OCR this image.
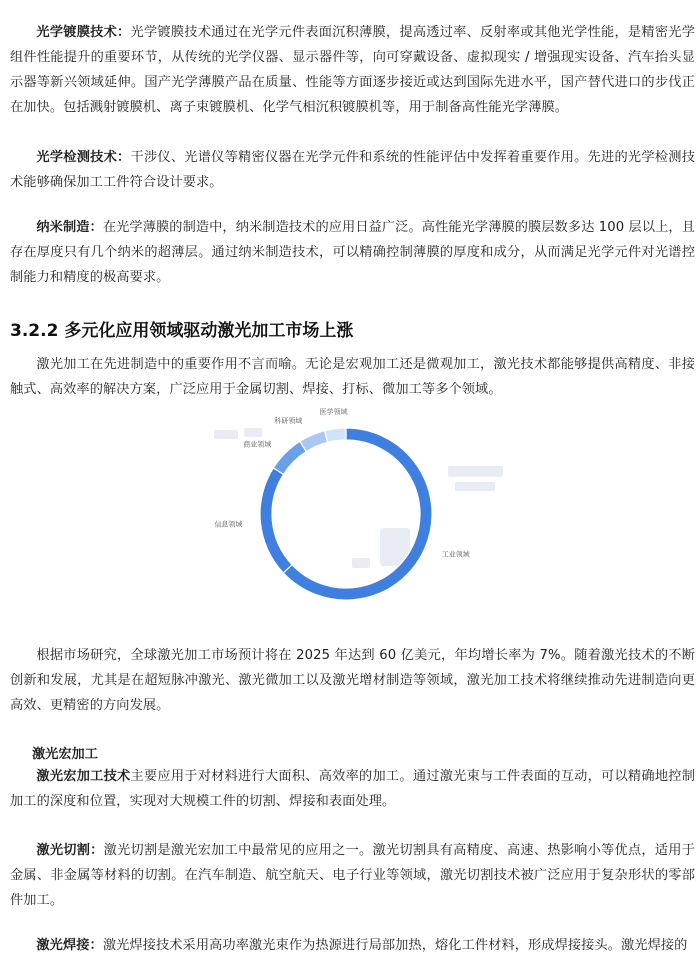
光学镀膜技术：光学镀膜技术通过在光学元件表面沉积薄膜，提高透过率、反射率或其他光学性能，是精密光学组件性能提升的重要环节，从传统的光学仪器、显示器件等，向可穿戴设备、虚拟现实 / 增强现实设备、汽车抬头显示器等新兴领域延伸。国产光学薄膜产品在质量、性能等方面逐步接近或达到国际先进水平，国产替代进口的步伐正在加快。包括溅射镀膜机、离子束镀膜机、化学气相沉积镀膜机等，用于制备高性能光学薄膜。

光学检测技术：干涉仪、光谱仪等精密仪器在光学元件和系统的性能评估中发挥着重要作用。先进的光学检测技术能够确保加工工件符合设计要求。

纳米制造：在光学薄膜的制造中，纳米制造技术的应用日益广泛。高性能光学薄膜的膜层数多达 100 层以上，且存在厚度只有几个纳米的超薄层。通过纳米制造技术，可以精确控制薄膜的厚度和成分，从而满足光学元件对光谱控制能力和精度的极高要求。

3.2.2 多元化应用领域驱动激光加工市场上涨

激光加工在先进制造中的重要作用不言而喻。无论是宏观加工还是微观加工，激光技术都能够提供高精度、非接触式、高效率的解决方案，广泛应用于金属切割、焊接、打标、微加工等多个领域。

工业领域
信息领域
商业领域
科研领域
医学领域

根据市场研究，全球激光加工市场预计将在 2025 年达到 60 亿美元，年均增长率为 7%。随着激光技术的不断创新和发展，尤其是在超短脉冲激光、激光微加工以及激光增材制造等领域，激光加工技术将继续推动先进制造向更高效、更精密的方向发展。

激光宏加工

激光宏加工技术主要应用于对材料进行大面积、高效率的加工。通过激光束与工件表面的互动，可以精确地控制加工的深度和位置，实现对大规模工件的切割、焊接和表面处理。

激光切割：激光切割是激光宏加工中最常见的应用之一。激光切割具有高精度、高速、热影响小等优点，适用于金属、非金属等材料的切割。在汽车制造、航空航天、电子行业等领域，激光切割技术被广泛应用于复杂形状的零部件加工。

激光焊接：激光焊接技术采用高功率激光束作为热源进行局部加热，熔化工件材料，形成焊接接头。激光焊接的
